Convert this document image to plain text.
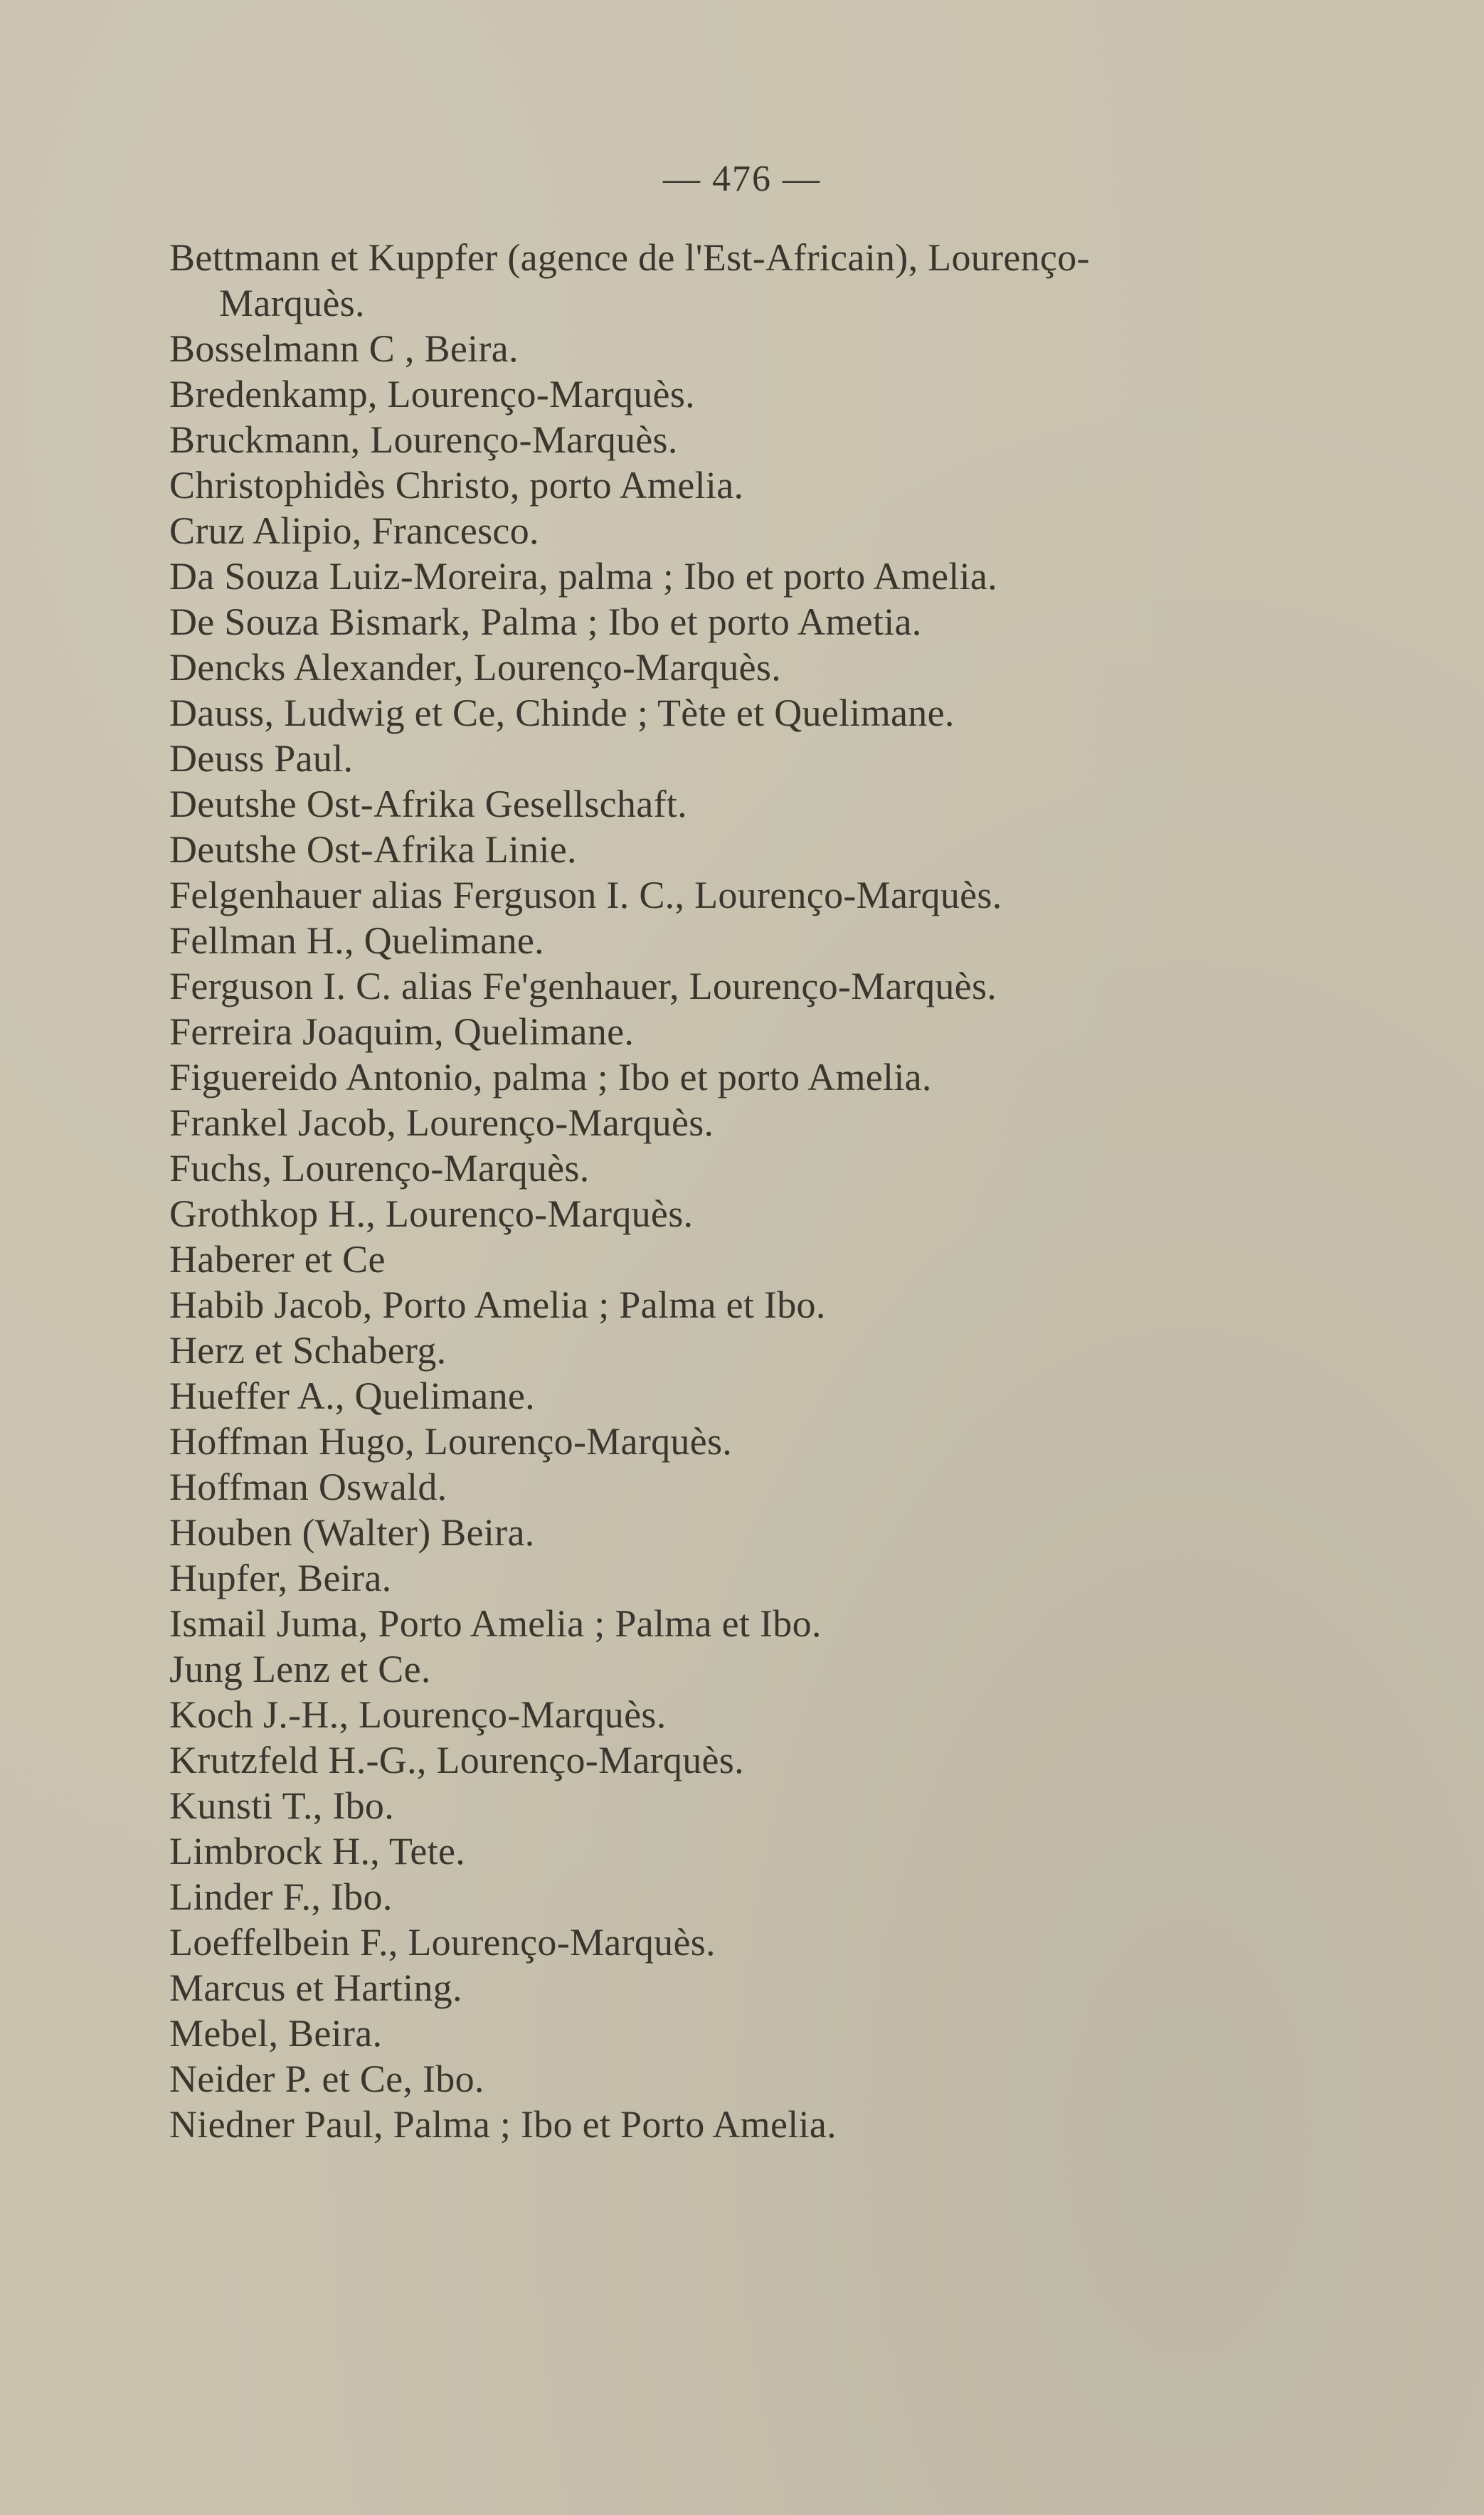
— 476 —
Bettmann et Kuppfer (agence de l'Est-Africain), Lourenço-
Marquès.
Bosselmann C , Beira.
Bredenkamp, Lourenço-Marquès.
Bruckmann, Lourenço-Marquès.
Christophidès Christo, porto Amelia.
Cruz Alipio, Francesco.
Da Souza Luiz-Moreira, palma ; Ibo et porto Amelia.
De Souza Bismark, Palma ; Ibo et porto Ametia.
Dencks Alexander, Lourenço-Marquès.
Dauss, Ludwig et Ce, Chinde ; Tète et Quelimane.
Deuss Paul.
Deutshe Ost-Afrika Gesellschaft.
Deutshe Ost-Afrika Linie.
Felgenhauer alias Ferguson I. C., Lourenço-Marquès.
Fellman H., Quelimane.
Ferguson I. C. alias Fe'genhauer, Lourenço-Marquès.
Ferreira Joaquim, Quelimane.
Figuereido Antonio, palma ; Ibo et porto Amelia.
Frankel Jacob, Lourenço-Marquès.
Fuchs, Lourenço-Marquès.
Grothkop H., Lourenço-Marquès.
Haberer et Ce
Habib Jacob, Porto Amelia ; Palma et Ibo.
Herz et Schaberg.
Hueffer A., Quelimane.
Hoffman Hugo, Lourenço-Marquès.
Hoffman Oswald.
Houben (Walter) Beira.
Hupfer, Beira.
Ismail Juma, Porto Amelia ; Palma et Ibo.
Jung Lenz et Ce.
Koch J.-H., Lourenço-Marquès.
Krutzfeld H.-G., Lourenço-Marquès.
Kunsti T., Ibo.
Limbrock H., Tete.
Linder F., Ibo.
Loeffelbein F., Lourenço-Marquès.
Marcus et Harting.
Mebel, Beira.
Neider P. et Ce, Ibo.
Niedner Paul, Palma ; Ibo et Porto Amelia.
